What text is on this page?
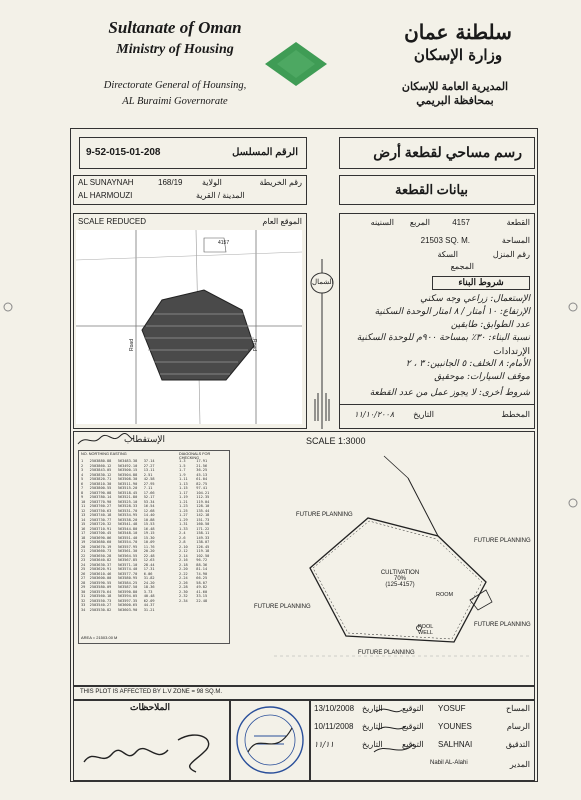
Sultanate of Oman
Ministry of Housing
Directorate General of Hounsing,
AL Buraimi Governorate
سلطنة عمان
وزارة الإسكان
المديرية العامة للإسكان
بمحافظة البريمي
9-52-015-01-208	الرقم المسلسل	رسم مساحي لقطعة أرض
AL SUNAYNAH	168/19 الولاية	رقم الخريطة
AL HARMOUZI	المدينة / القرية	بيانات القطعة
SCALE REDUCED	الموقع العام
4157
Road	Road
الشمال
القطعة
4157
المربع
السنينه
المساحة
21503 SQ. M.
رقم المنزل
السكة
المجمع
شروط البناء
الإستعمال: زراعي وجه سكني
الإرتفاع: ١٠ أمتار / ٨ امتار الوحدة السكنية
عدد الطوابق: طابقين
نسبة البناء: ٣٠٪ بمساحة ٩٠٠م للوحدة السكنية
الإرتدادات
الأمام: ٨ الخلف: ٥ الجانبين: ٣ ، ٢
موقف السيارات: موحقيق
شروط أخرى: لا يجوز عمل من عدد القطعة
المخطط
التاريخ
١١/١٠/٢٠٠٨
الإستقطاب	SCALE 1:3000
NO. NORTHING EASTING	DIAGONALS FOR CHECKING
1   2503880.88   563483.38   37.14
2   2503860.12   563492.10   27.27
3   2503843.05   563500.15   13.11
4   2503830.12   563504.88   2.51
5   2503820.71   563508.30   42.58
6   2503810.30   563511.90   27.95
7   2503800.55   563515.20   7.11
8   2503790.08   563518.45   17.66
9   2503780.14   563521.80   52.17
10  2503770.90   563525.10   53.34
11  2503760.27   563528.33   16.54
12  2503750.63   563531.70   12.68
13  2503740.18   563534.95   14.40
14  2503730.77   563538.20   10.88
15  2503720.32   563541.48   15.53
16  2503710.91   563544.80   16.48
17  2503700.45   563548.10   19.15
18  2503690.06   563551.40   15.30
19  2503680.60   563554.70   10.09
20  2503670.19   563557.95   11.76
21  2503660.73   563561.30   20.20
22  2503650.28   563564.55   22.48
23  2503640.82   563567.85   12.63
24  2503630.37   563571.10   28.44
25  2503620.91   563574.40   17.31
26  2503610.46   563577.70   6.06
27  2503600.00   563580.95   31.82
28  2503590.55   563584.25   24.20
29  2503580.09   563587.50   18.36
30  2503570.64   563590.80   3.73
31  2503560.18   563594.05   40.48
32  2503550.73   563597.35   62.09
33  2503540.27   563600.65   44.37
34  2503530.82   563603.90   31.21
1-3     17.91
1-5     21.56
1-7     36.25
1-9     45.13
1-11    61.04
1-13    82.75
1-15    97.41
1-17    104.21
1-19    112.35
1-21    119.04
1-23    128.10
1-25    135.44
1-27    142.18
1-29    151.73
1-31    160.50
1-33    171.22
2-4     158.11
2-6     149.33
2-8     138.07
2-10    126.45
2-12    119.18
2-14    102.50
2-16    96.72
2-18    88.36
2-20    81.14
2-22    74.90
2-24    66.25
2-26    58.07
2-28    49.82
2-30    41.60
2-32    33.15
2-34    22.48
AREA = 21503.00 M
FUTURE PLANNING
FUTURE PLANNING
FUTURE PLANNING
FUTURE PLANNING
FUTURE PLANNING
CULTIVATION
70%
(125-4157)
POOL
WELL
ROOM
THIS PLOT IS AFFECTED BY L.V ZONE = 98 SQ.M.
الملاحظات	13/10/2008 التاريخ التوقيع YOSUF	المساح
10/11/2008 التاريخ التوقيع YOUNES	الرسام
١١/١١	التاريخ التوقيع SALHNAI	التدقيق
Nabil AL-Alahi	المدير
